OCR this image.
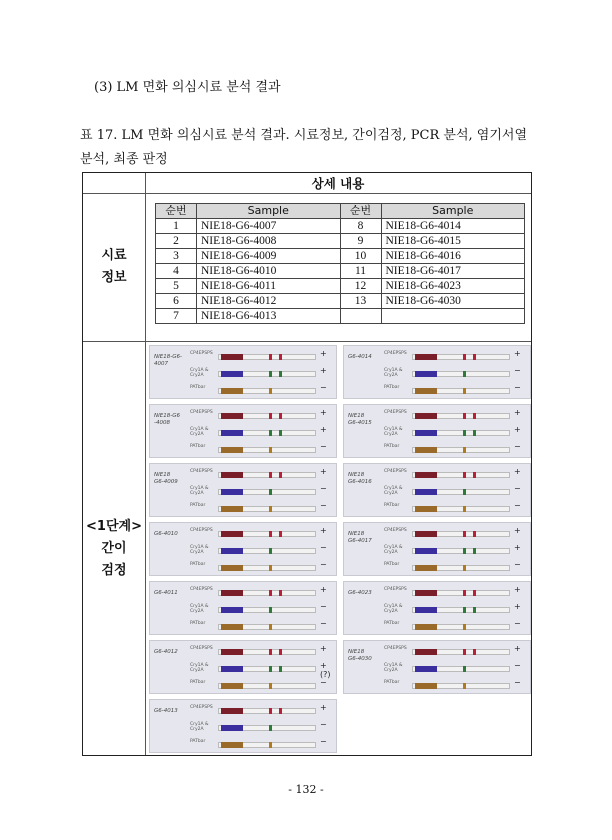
(3) LM 면화 의심시료 분석 결과
표 17. LM 면화 의심시료 분석 결과. 시료정보, 간이검정, PCR 분석, 염기서열 분석, 최종 판정
상세 내용
시료
정보
<1단계>
간이
검정
순번	Sample	순번	Sample
1	NIE18-G6-4007	8	NIE18-G6-4014
2	NIE18-G6-4008	9	NIE18-G6-4015
3	NIE18-G6-4009	10	NIE18-G6-4016
4	NIE18-G6-4010	11	NIE18-G6-4017
5	NIE18-G6-4011	12	NIE18-G6-4023
6	NIE18-G6-4012	13	NIE18-G6-4030
7	NIE18-G6-4013		
NIE18-G6-
4007
CP4EPSPS	+
Cry1A &
Cry2A
+
PATbar	−
G6-4014
CP4EPSPS	+
Cry1A &
Cry2A
−
PATbar	−
NIE18-G6
-4008
CP4EPSPS	+
Cry1A &
Cry2A
+
PATbar	−
NIE18
G6-4015
CP4EPSPS	+
Cry1A &
Cry2A
+
PATbar	−
NIE18
G6-4009
CP4EPSPS	+
Cry1A &
Cry2A
−
PATbar	−
NIE18
G6-4016
CP4EPSPS	+
Cry1A &
Cry2A
−
PATbar	−
G6-4010
CP4EPSPS	+
Cry1A &
Cry2A
−
PATbar	−
NIE18
G6-4017
CP4EPSPS	+
Cry1A &
Cry2A
+
PATbar	−
G6-4011
CP4EPSPS	+
Cry1A &
Cry2A
−
PATbar	−
G6-4023
CP4EPSPS	+
Cry1A &
Cry2A
+
PATbar	−
G6-4012
CP4EPSPS	+
Cry1A &
Cry2A
+ (?)
PATbar	−
NIE18
G6-4030
CP4EPSPS	+
Cry1A &
Cry2A
−
PATbar	−
G6-4013
CP4EPSPS	+
Cry1A &
Cry2A
−
PATbar	−
- 132 -
